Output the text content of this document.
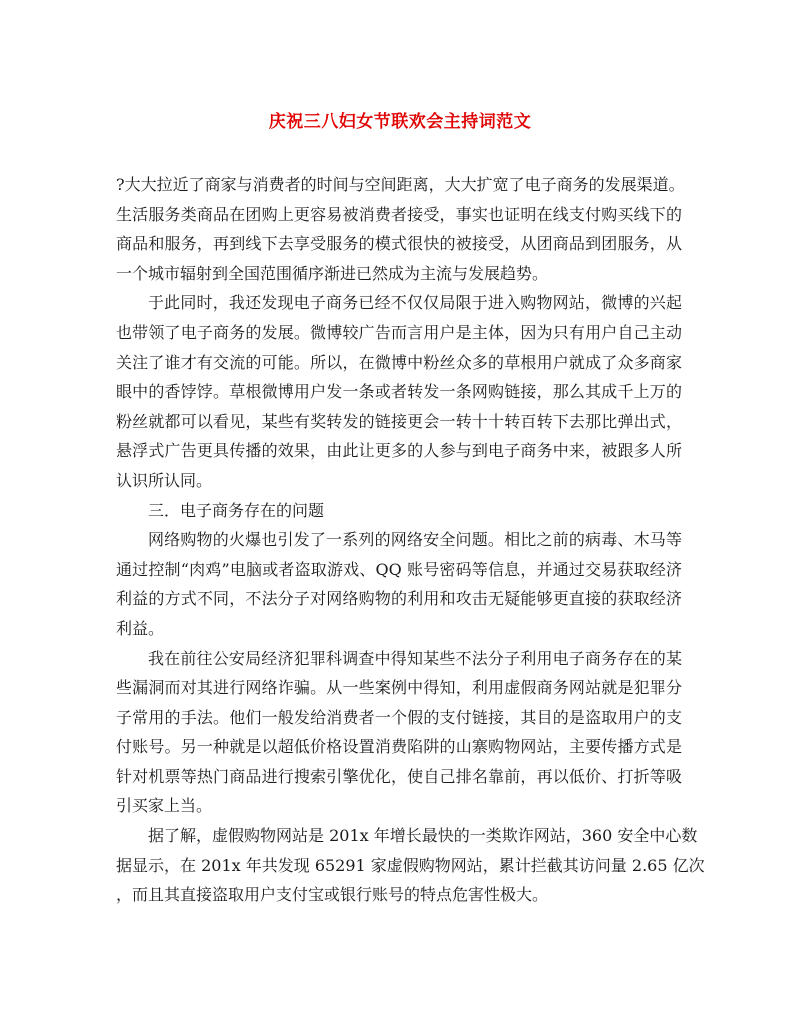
庆祝三八妇女节联欢会主持词范文
?大大拉近了商家与消费者的时间与空间距离，大大扩宽了电子商务的发展渠道。
生活服务类商品在团购上更容易被消费者接受，事实也证明在线支付购买线下的
商品和服务，再到线下去享受服务的模式很快的被接受，从团商品到团服务，从
一个城市辐射到全国范围循序渐进已然成为主流与发展趋势。
于此同时，我还发现电子商务已经不仅仅局限于进入购物网站，微博的兴起
也带领了电子商务的发展。微博较广告而言用户是主体，因为只有用户自己主动
关注了谁才有交流的可能。所以，在微博中粉丝众多的草根用户就成了众多商家
眼中的香饽饽。草根微博用户发一条或者转发一条网购链接，那么其成千上万的
粉丝就都可以看见，某些有奖转发的链接更会一转十十转百转下去那比弹出式，
悬浮式广告更具传播的效果，由此让更多的人参与到电子商务中来，被跟多人所
认识所认同。
三．电子商务存在的问题
网络购物的火爆也引发了一系列的网络安全问题。相比之前的病毒、木马等
通过控制“肉鸡”电脑或者盗取游戏、QQ 账号密码等信息，并通过交易获取经济
利益的方式不同，不法分子对网络购物的利用和攻击无疑能够更直接的获取经济
利益。
我在前往公安局经济犯罪科调查中得知某些不法分子利用电子商务存在的某
些漏洞而对其进行网络诈骗。从一些案例中得知，利用虚假商务网站就是犯罪分
子常用的手法。他们一般发给消费者一个假的支付链接，其目的是盗取用户的支
付账号。另一种就是以超低价格设置消费陷阱的山寨购物网站，主要传播方式是
针对机票等热门商品进行搜索引擎优化，使自己排名靠前，再以低价、打折等吸
引买家上当。
据了解，虚假购物网站是 201x 年增长最快的一类欺诈网站，360 安全中心数
据显示，在 201x 年共发现 65291 家虚假购物网站，累计拦截其访问量 2.65 亿次
，而且其直接盗取用户支付宝或银行账号的特点危害性极大。
